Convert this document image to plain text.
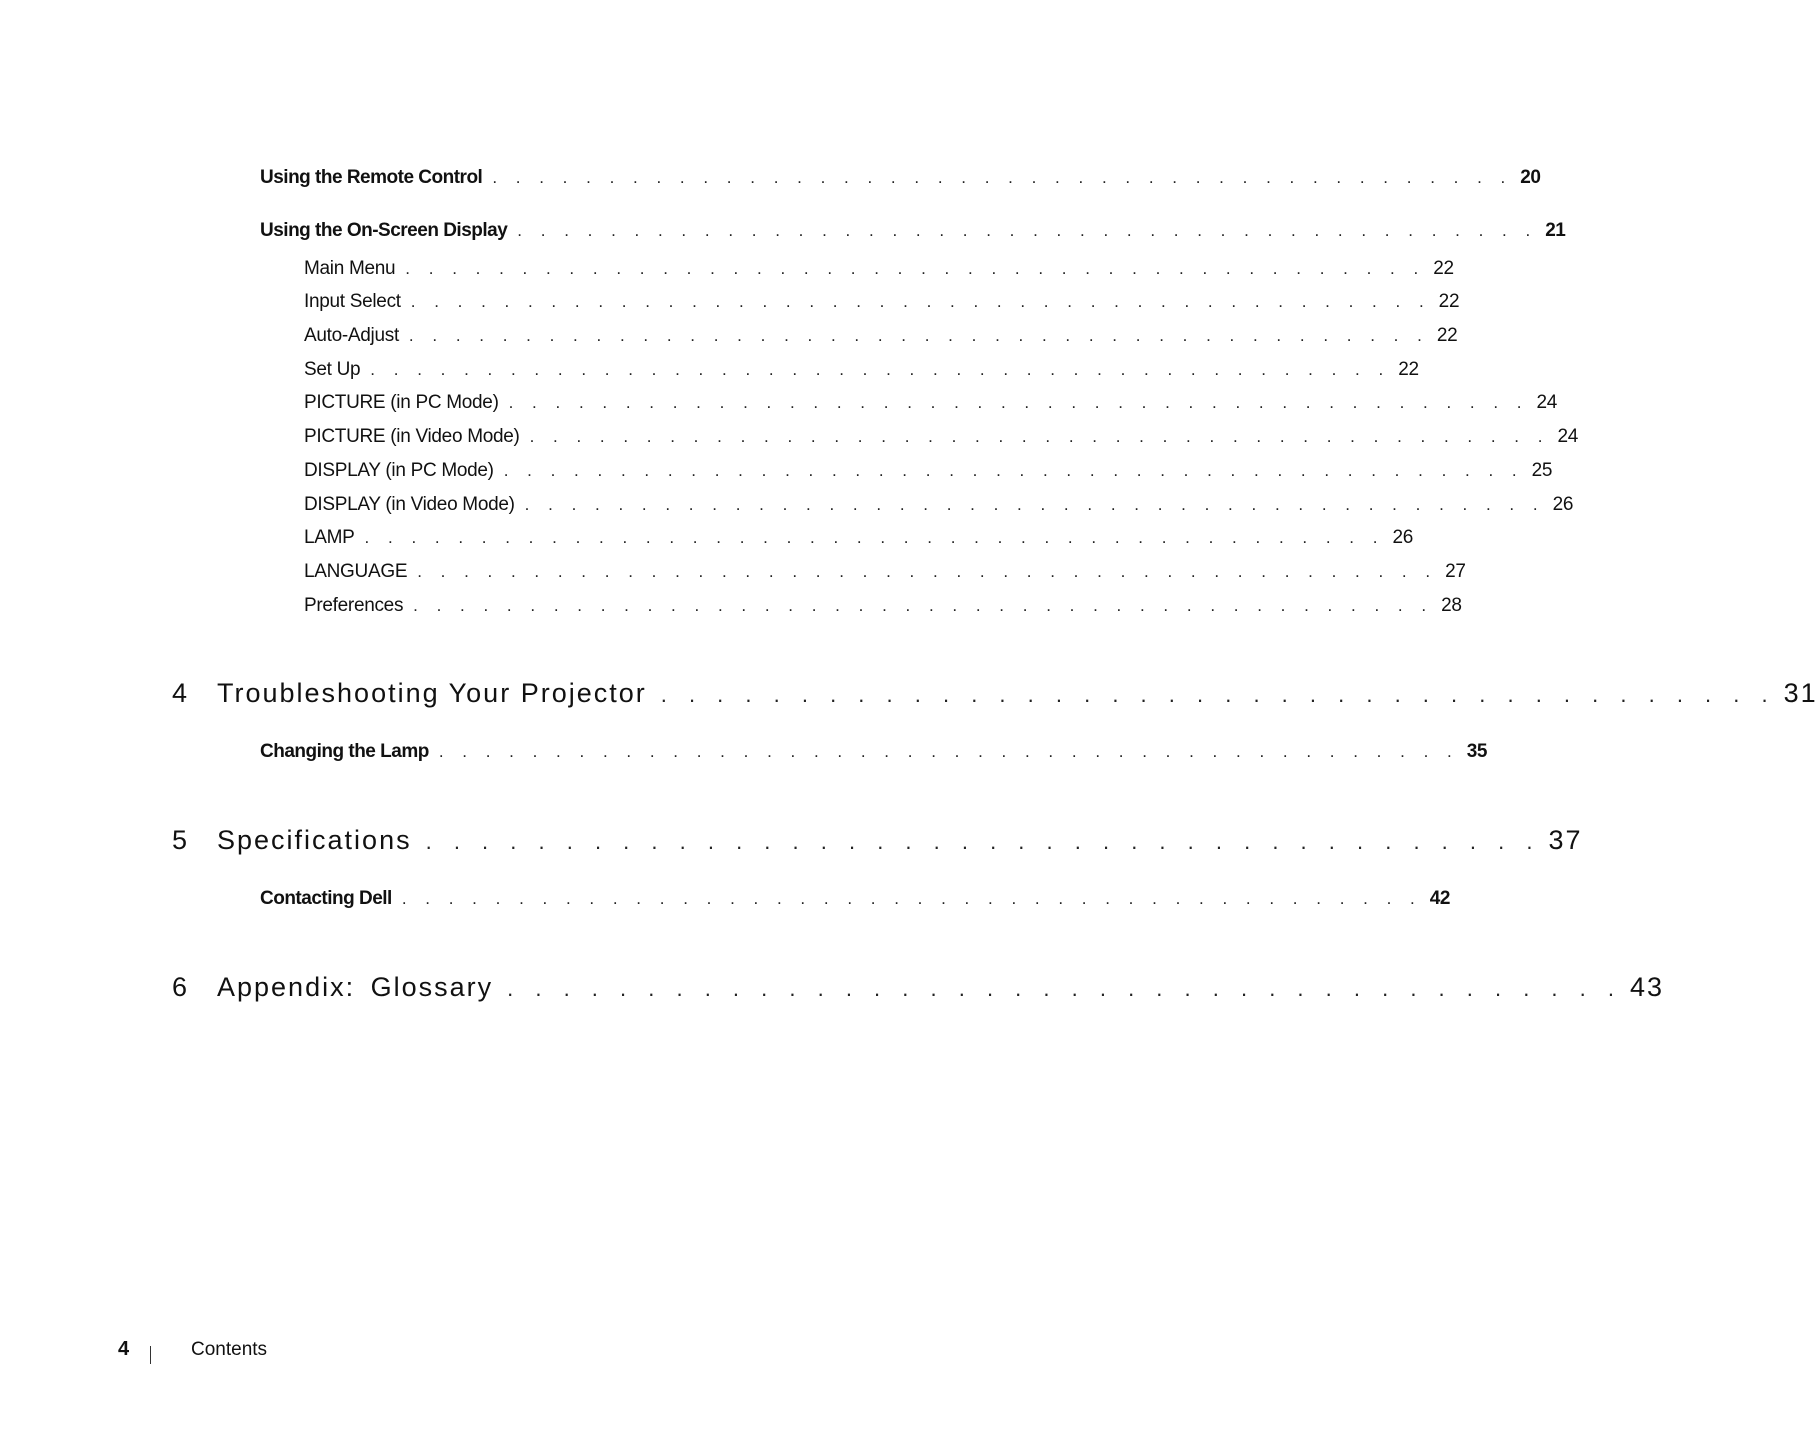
Using the Remote Control . . . . . . . . . . . . . . . . . . . . . . . . . . . . . . . . . . . . . . . . . . . . 20
Using the On-Screen Display . . . . . . . . . . . . . . . . . . . . . . . . . . . . . . . . . . . . . . . . . . . . 21
Main Menu . . . . . . . . . . . . . . . . . . . . . . . . . . . . . . . . . . . . . . . . . . . . 22
Input Select . . . . . . . . . . . . . . . . . . . . . . . . . . . . . . . . . . . . . . . . . . . . 22
Auto-Adjust . . . . . . . . . . . . . . . . . . . . . . . . . . . . . . . . . . . . . . . . . . . . 22
Set Up . . . . . . . . . . . . . . . . . . . . . . . . . . . . . . . . . . . . . . . . . . . . 22
PICTURE (in PC Mode) . . . . . . . . . . . . . . . . . . . . . . . . . . . . . . . . . . . . . . . . . . . . 24
PICTURE (in Video Mode) . . . . . . . . . . . . . . . . . . . . . . . . . . . . . . . . . . . . . . . . . . . . 24
DISPLAY (in PC Mode) . . . . . . . . . . . . . . . . . . . . . . . . . . . . . . . . . . . . . . . . . . . . 25
DISPLAY (in Video Mode) . . . . . . . . . . . . . . . . . . . . . . . . . . . . . . . . . . . . . . . . . . . . 26
LAMP . . . . . . . . . . . . . . . . . . . . . . . . . . . . . . . . . . . . . . . . . . . . 26
LANGUAGE . . . . . . . . . . . . . . . . . . . . . . . . . . . . . . . . . . . . . . . . . . . . 27
Preferences . . . . . . . . . . . . . . . . . . . . . . . . . . . . . . . . . . . . . . . . . . . . 28
4	Troubleshooting Your Projector . . . . . . . . . . . . . . . . . . . . . . . . . . . . . . . . . . . . . . . . 31
Changing the Lamp . . . . . . . . . . . . . . . . . . . . . . . . . . . . . . . . . . . . . . . . . . . . 35
5	Specifications . . . . . . . . . . . . . . . . . . . . . . . . . . . . . . . . . . . . . . . . 37
Contacting Dell . . . . . . . . . . . . . . . . . . . . . . . . . . . . . . . . . . . . . . . . . . . . 42
6	Appendix: Glossary . . . . . . . . . . . . . . . . . . . . . . . . . . . . . . . . . . . . . . . . 43
4	Contents
